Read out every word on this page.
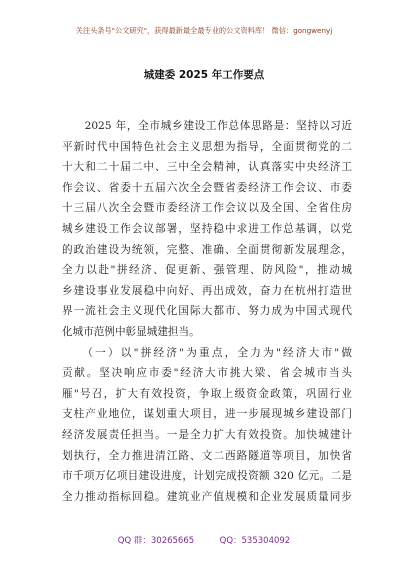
关注头条号"公文研究"，获得最新最全最专业的公文资料库！ 微信：gongwenyj
城建委 2025 年工作要点
　　2025 年，全市城乡建设工作总体思路是：坚持以习近
平新时代中国特色社会主义思想为指导，全面贯彻党的二
十大和二十届二中、三中全会精神，认真落实中央经济工
作会议、省委十五届六次全会暨省委经济工作会议、市委
十三届八次全会暨市委经济工作会议以及全国、全省住房
城乡建设工作会议部署，坚持稳中求进工作总基调，以党
的政治建设为统领，完整、准确、全面贯彻新发展理念，
全力以赴"拼经济、促更新、强管理、防风险"，推动城
乡建设事业发展稳中向好、再出成效，奋力在杭州打造世
界一流社会主义现代化国际大都市、努力成为中国式现代
化城市范例中彰显城建担当。
　　（一）以"拼经济"为重点，全力为"经济大市"做
贡献。坚决响应市委"经济大市挑大梁、省会城市当头
雁"号召，扩大有效投资，争取上级资金政策，巩固行业
支柱产业地位，谋划重大项目，进一步展现城乡建设部门
经济发展责任担当。一是全力扩大有效投资。加快城建计
划执行，全力推进清江路、文二西路隧道等项目，加快省
市千项万亿项目建设进度，计划完成投资额 320 亿元。二是
全力推动指标回稳。建筑业产值规模和企业发展质量同步
QQ 群：30265665　　　QQ：535304092
